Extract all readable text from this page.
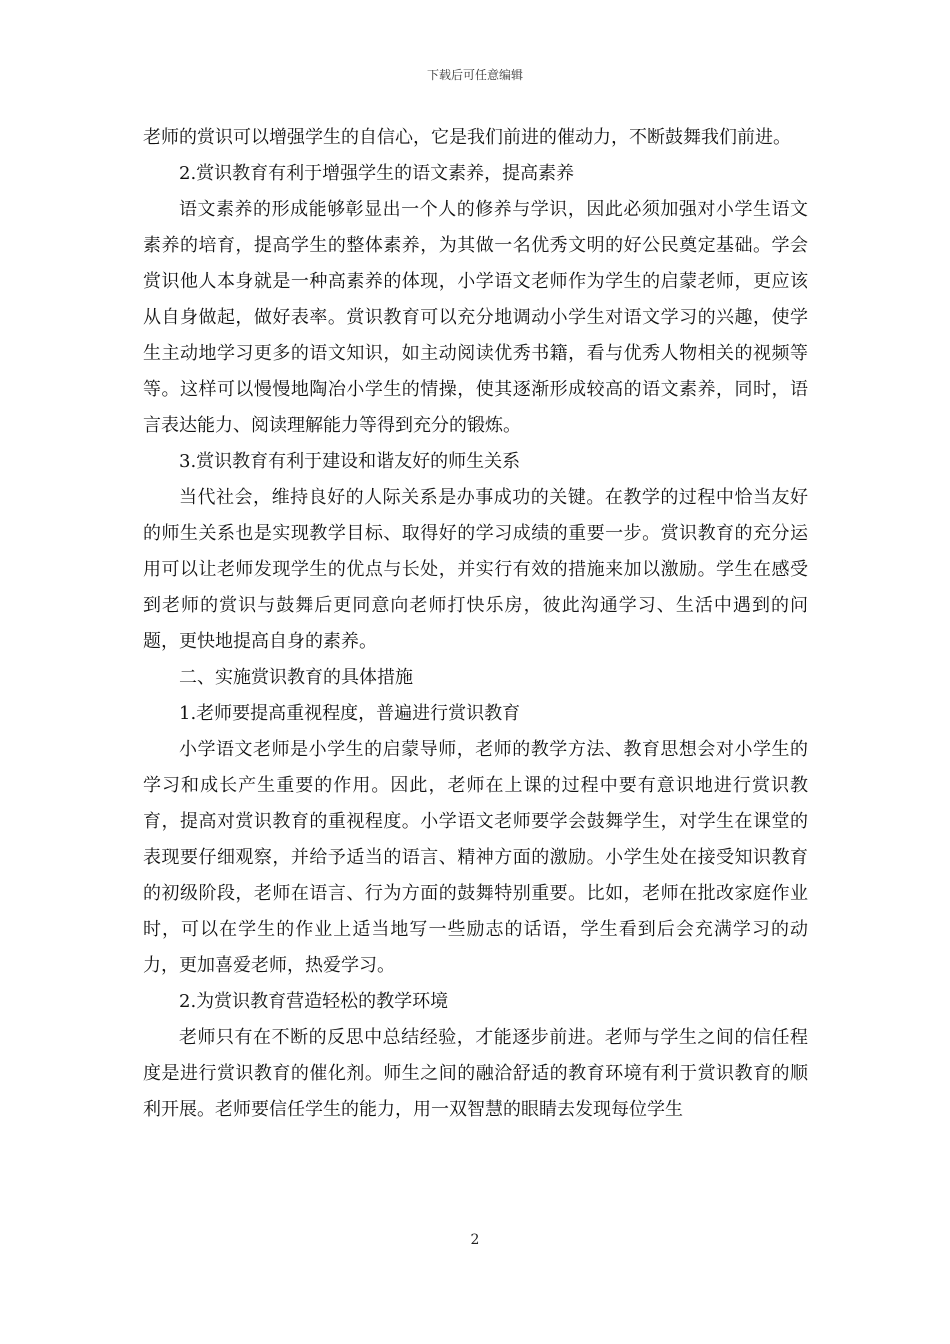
下载后可任意编辑

老师的赏识可以增强学生的自信心，它是我们前进的催动力，不断鼓舞我们前进。

2.赏识教育有利于增强学生的语文素养，提高素养

语文素养的形成能够彰显出一个人的修养与学识，因此必须加强对小学生语文素养的培育，提高学生的整体素养，为其做一名优秀文明的好公民奠定基础。学会赏识他人本身就是一种高素养的体现，小学语文老师作为学生的启蒙老师，更应该从自身做起，做好表率。赏识教育可以充分地调动小学生对语文学习的兴趣，使学生主动地学习更多的语文知识，如主动阅读优秀书籍，看与优秀人物相关的视频等等。这样可以慢慢地陶冶小学生的情操，使其逐渐形成较高的语文素养，同时，语言表达能力、阅读理解能力等得到充分的锻炼。

3.赏识教育有利于建设和谐友好的师生关系

当代社会，维持良好的人际关系是办事成功的关键。在教学的过程中恰当友好的师生关系也是实现教学目标、取得好的学习成绩的重要一步。赏识教育的充分运用可以让老师发现学生的优点与长处，并实行有效的措施来加以激励。学生在感受到老师的赏识与鼓舞后更同意向老师打快乐房，彼此沟通学习、生活中遇到的问题，更快地提高自身的素养。

二、实施赏识教育的具体措施

1.老师要提高重视程度，普遍进行赏识教育

小学语文老师是小学生的启蒙导师，老师的教学方法、教育思想会对小学生的学习和成长产生重要的作用。因此，老师在上课的过程中要有意识地进行赏识教育，提高对赏识教育的重视程度。小学语文老师要学会鼓舞学生，对学生在课堂的表现要仔细观察，并给予适当的语言、精神方面的激励。小学生处在接受知识教育的初级阶段，老师在语言、行为方面的鼓舞特别重要。比如，老师在批改家庭作业时，可以在学生的作业上适当地写一些励志的话语，学生看到后会充满学习的动力，更加喜爱老师，热爱学习。

2.为赏识教育营造轻松的教学环境

老师只有在不断的反思中总结经验，才能逐步前进。老师与学生之间的信任程度是进行赏识教育的催化剂。师生之间的融洽舒适的教育环境有利于赏识教育的顺利开展。老师要信任学生的能力，用一双智慧的眼睛去发现每位学生

2
